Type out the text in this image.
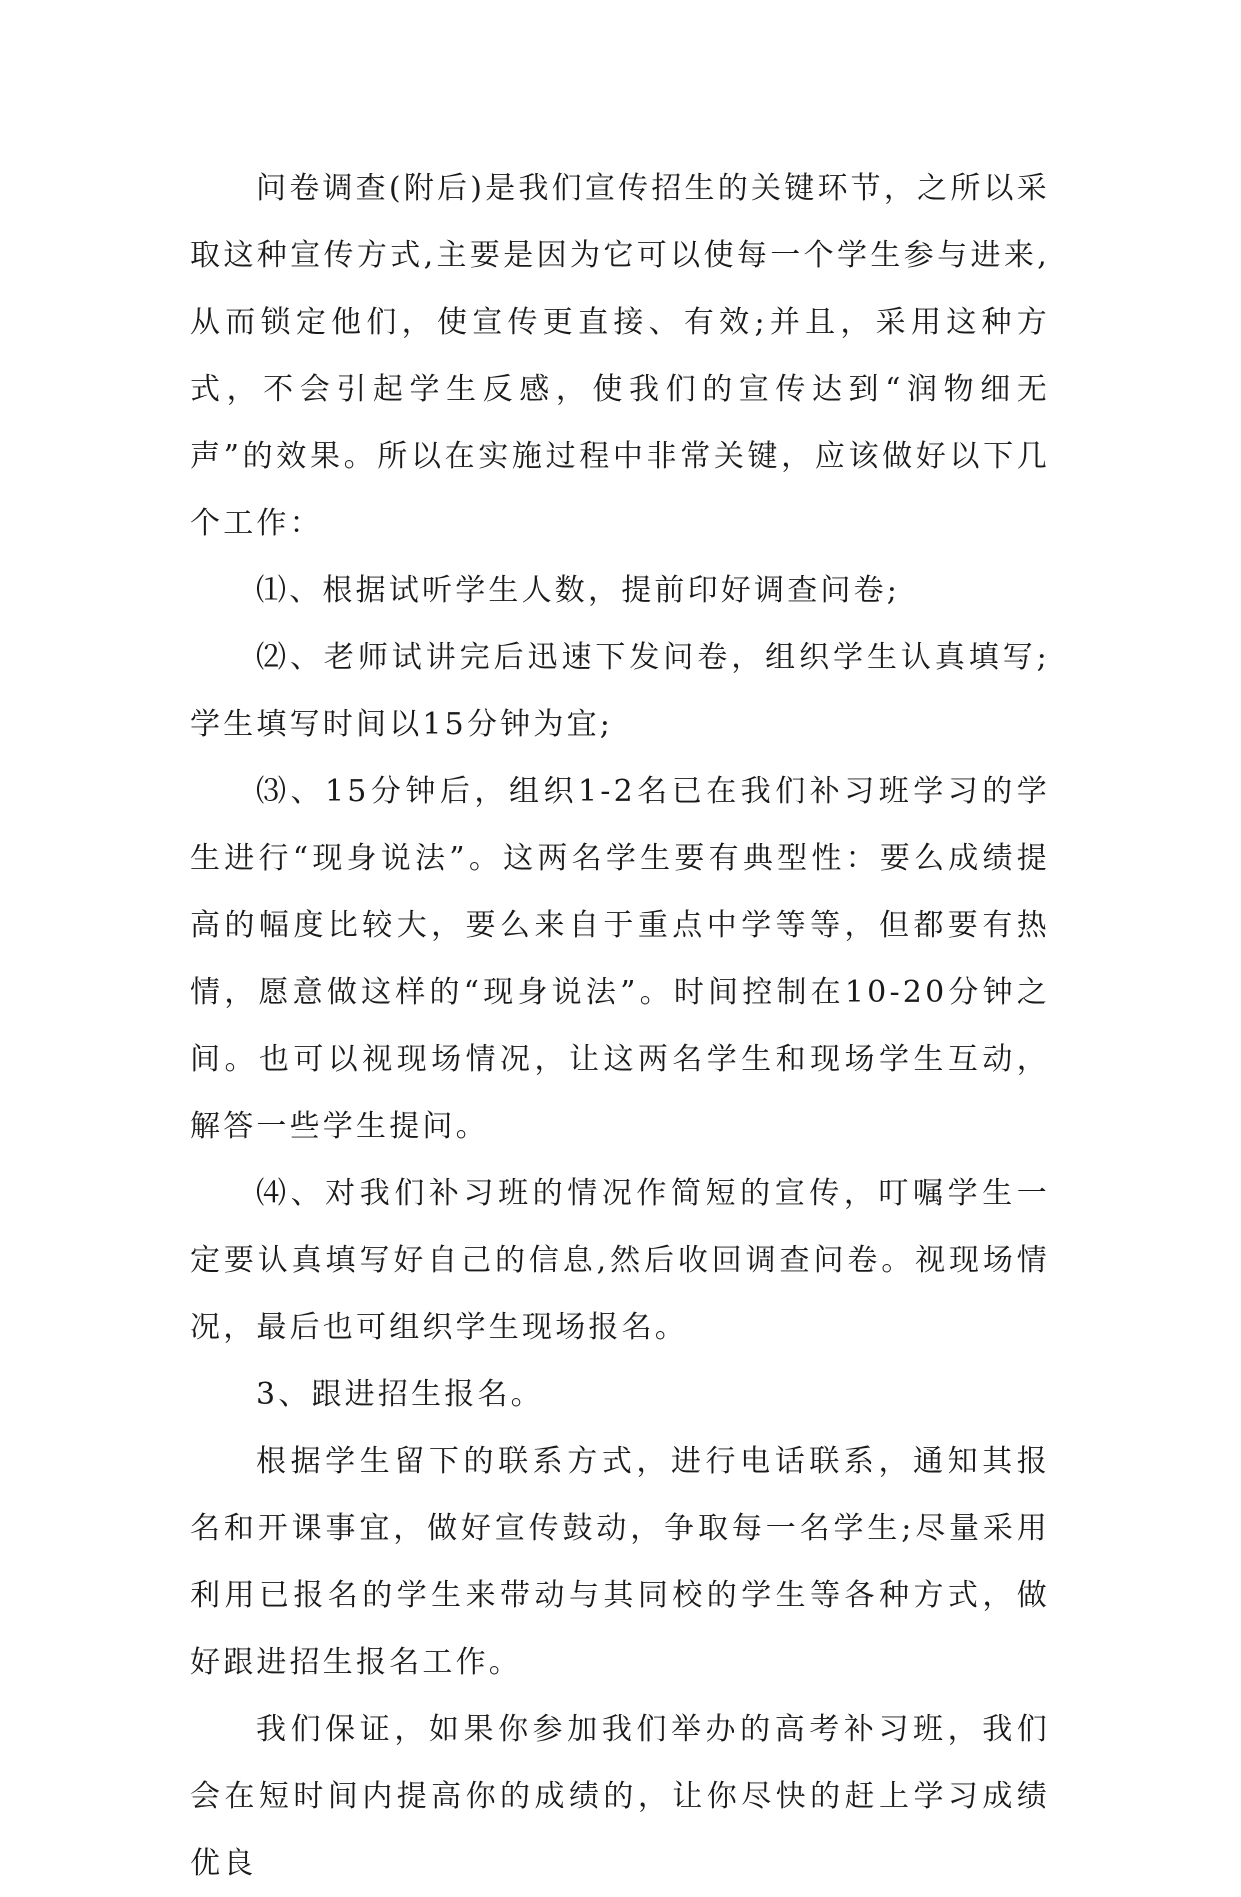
问卷调查(附后)是我们宣传招生的关键环节，之所以采取这种宣传方式,主要是因为它可以使每一个学生参与进来,从而锁定他们，使宣传更直接、有效;并且，采用这种方式，不会引起学生反感，使我们的宣传达到“润物细无声”的效果。所以在实施过程中非常关键，应该做好以下几个工作：

⑴、根据试听学生人数，提前印好调查问卷;

⑵、老师试讲完后迅速下发问卷，组织学生认真填写;学生填写时间以15分钟为宜;

⑶、15分钟后，组织1-2名已在我们补习班学习的学生进行“现身说法”。这两名学生要有典型性：要么成绩提高的幅度比较大，要么来自于重点中学等等，但都要有热情，愿意做这样的“现身说法”。时间控制在10-20分钟之间。也可以视现场情况，让这两名学生和现场学生互动，解答一些学生提问。

⑷、对我们补习班的情况作简短的宣传，叮嘱学生一定要认真填写好自己的信息,然后收回调查问卷。视现场情况，最后也可组织学生现场报名。

3、跟进招生报名。

根据学生留下的联系方式，进行电话联系，通知其报名和开课事宜，做好宣传鼓动，争取每一名学生;尽量采用利用已报名的学生来带动与其同校的学生等各种方式，做好跟进招生报名工作。

我们保证，如果你参加我们举办的高考补习班，我们会在短时间内提高你的成绩的，让你尽快的赶上学习成绩优良
